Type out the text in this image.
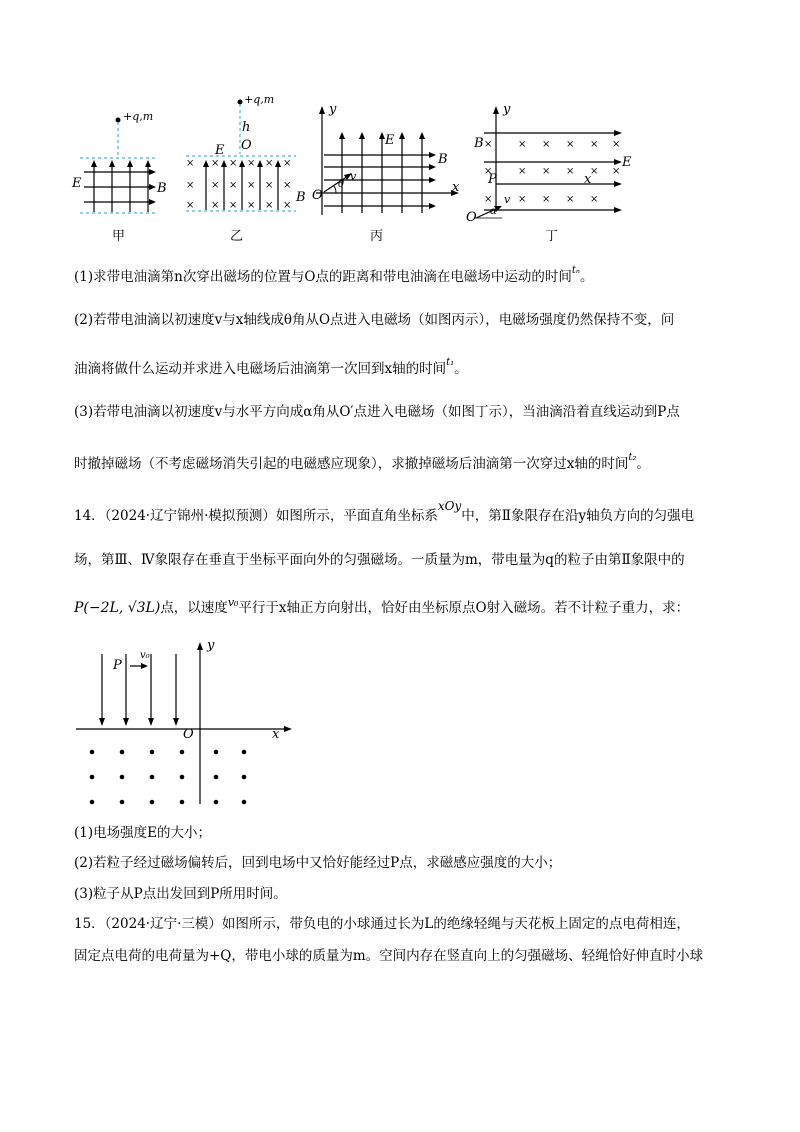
+q,m
E	B
甲
× × × × × ×
× × × × × ×
× × × × × ×
+q,m
h
E O
B
乙
y
E
B
v
θ
O
x
丙
×	× × × × ×
×	× × × × ×
×	× × × ×
y
B
E
P	x
v
α
O
丁
(1)求带电油滴第n次穿出磁场的位置与O点的距离和带电油滴在电磁场中运动的时间$^{t_n}$。
(2)若带电油滴以初速度v与x轴线成θ角从O点进入电磁场（如图丙示），电磁场强度仍然保持不变，问
油滴将做什么运动并求进入电磁场后油滴第一次回到x轴的时间$^{t_1}$。
(3)若带电油滴以初速度v与水平方向成α角从O′点进入电磁场（如图丁示），当油滴沿着直线运动到P点
时撤掉磁场（不考虑磁场消失引起的电磁感应现象），求撤掉磁场后油滴第一次穿过x轴的时间$^{t_2}$。
14．（2024·辽宁锦州·模拟预测）如图所示，平面直角坐标系xOy中，第Ⅱ象限存在沿y轴负方向的匀强电
场，第Ⅲ、Ⅳ象限存在垂直于坐标平面向外的匀强磁场。一质量为m，带电量为q的粒子由第Ⅱ象限中的
P(−2L, √3L)点，以速度$^{v_0}$平行于x轴正方向射出，恰好由坐标原点O射入磁场。若不计粒子重力，求：
y
v₀
P
O	x
(1)电场强度E的大小；
(2)若粒子经过磁场偏转后，回到电场中又恰好能经过P点，求磁感应强度的大小；
(3)粒子从P点出发回到P所用时间。
15．（2024·辽宁·三模）如图所示，带负电的小球通过长为L的绝缘轻绳与天花板上固定的点电荷相连，
固定点电荷的电荷量为+Q，带电小球的质量为m。空间内存在竖直向上的匀强磁场、轻绳恰好伸直时小球
